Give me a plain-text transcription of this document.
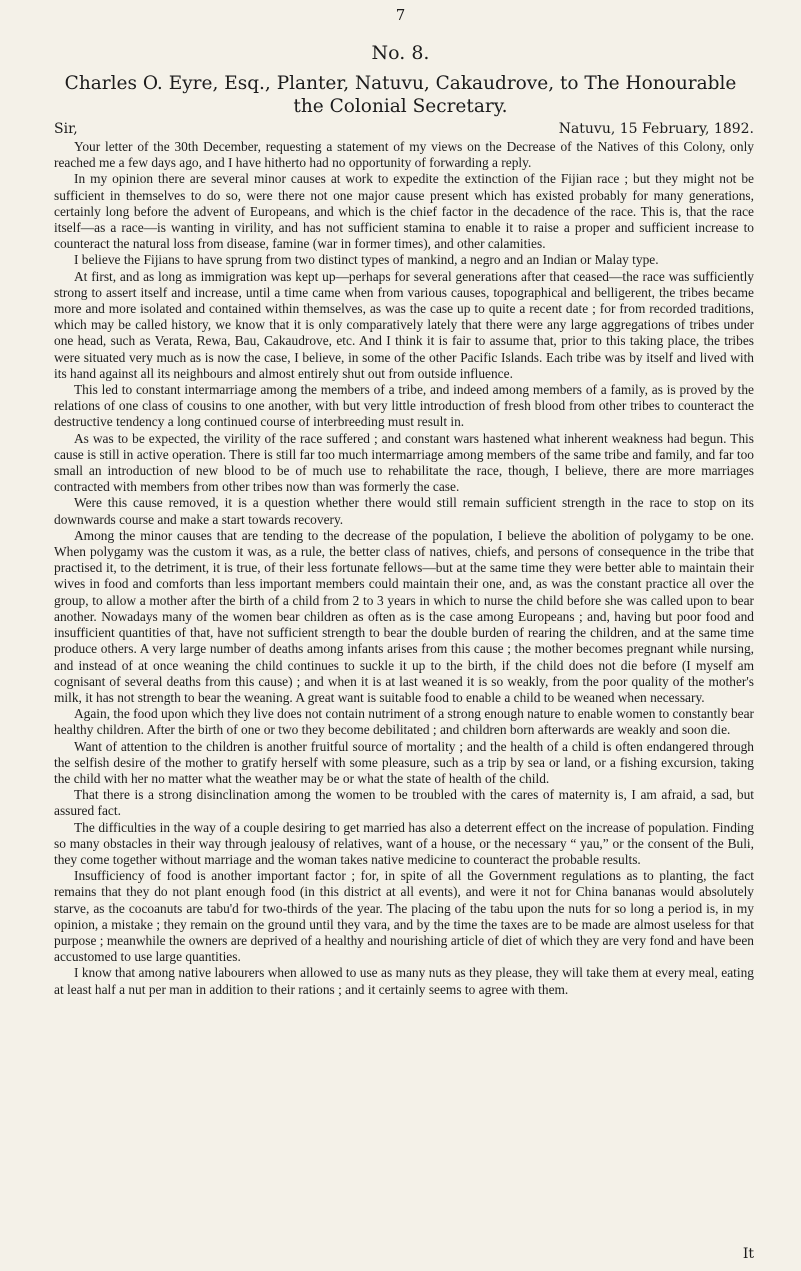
7
No. 8.
Charles O. Eyre, Esq., Planter, Natuvu, Cakaudrove, to The Honourable the Colonial Secretary.
Sir,	Natuvu, 15 February, 1892.

Your letter of the 30th December, requesting a statement of my views on the Decrease of the Natives of this Colony, only reached me a few days ago, and I have hitherto had no opportunity of forwarding a reply.

In my opinion there are several minor causes at work to expedite the extinction of the Fijian race ; but they might not be sufficient in themselves to do so, were there not one major cause present which has existed probably for many generations, certainly long before the advent of Europeans, and which is the chief factor in the decadence of the race. This is, that the race itself—as a race—is wanting in virility, and has not sufficient stamina to enable it to raise a proper and sufficient increase to counteract the natural loss from disease, famine (war in former times), and other calamities.

I believe the Fijians to have sprung from two distinct types of mankind, a negro and an Indian or Malay type.

At first, and as long as immigration was kept up—perhaps for several generations after that ceased—the race was sufficiently strong to assert itself and increase, until a time came when from various causes, topographical and belligerent, the tribes became more and more isolated and contained within themselves, as was the case up to quite a recent date ; for from recorded traditions, which may be called history, we know that it is only comparatively lately that there were any large aggregations of tribes under one head, such as Verata, Rewa, Bau, Cakaudrove, etc. And I think it is fair to assume that, prior to this taking place, the tribes were situated very much as is now the case, I believe, in some of the other Pacific Islands. Each tribe was by itself and lived with its hand against all its neighbours and almost entirely shut out from outside influence.

This led to constant intermarriage among the members of a tribe, and indeed among members of a family, as is proved by the relations of one class of cousins to one another, with but very little introduction of fresh blood from other tribes to counteract the destructive tendency a long continued course of interbreeding must result in.

As was to be expected, the virility of the race suffered ; and constant wars hastened what inherent weakness had begun. This cause is still in active operation. There is still far too much intermarriage among members of the same tribe and family, and far too small an introduction of new blood to be of much use to rehabilitate the race, though, I believe, there are more marriages contracted with members from other tribes now than was formerly the case.

Were this cause removed, it is a question whether there would still remain sufficient strength in the race to stop on its downwards course and make a start towards recovery.

Among the minor causes that are tending to the decrease of the population, I believe the abolition of polygamy to be one. When polygamy was the custom it was, as a rule, the better class of natives, chiefs, and persons of consequence in the tribe that practised it, to the detriment, it is true, of their less fortunate fellows—but at the same time they were better able to maintain their wives in food and comforts than less important members could maintain their one, and, as was the constant practice all over the group, to allow a mother after the birth of a child from 2 to 3 years in which to nurse the child before she was called upon to bear another. Nowadays many of the women bear children as often as is the case among Europeans ; and, having but poor food and insufficient quantities of that, have not sufficient strength to bear the double burden of rearing the children, and at the same time produce others. A very large number of deaths among infants arises from this cause ; the mother becomes pregnant while nursing, and instead of at once weaning the child continues to suckle it up to the birth, if the child does not die before (I myself am cognisant of several deaths from this cause) ; and when it is at last weaned it is so weakly, from the poor quality of the mother's milk, it has not strength to bear the weaning. A great want is suitable food to enable a child to be weaned when necessary.

Again, the food upon which they live does not contain nutriment of a strong enough nature to enable women to constantly bear healthy children. After the birth of one or two they become debilitated ; and children born afterwards are weakly and soon die.

Want of attention to the children is another fruitful source of mortality ; and the health of a child is often endangered through the selfish desire of the mother to gratify herself with some pleasure, such as a trip by sea or land, or a fishing excursion, taking the child with her no matter what the weather may be or what the state of health of the child.

That there is a strong disinclination among the women to be troubled with the cares of maternity is, I am afraid, a sad, but assured fact.

The difficulties in the way of a couple desiring to get married has also a deterrent effect on the increase of population. Finding so many obstacles in their way through jealousy of relatives, want of a house, or the necessary “ yau,” or the consent of the Buli, they come together without marriage and the woman takes native medicine to counteract the probable results.

Insufficiency of food is another important factor ; for, in spite of all the Government regulations as to planting, the fact remains that they do not plant enough food (in this district at all events), and were it not for China bananas would absolutely starve, as the cocoanuts are tabu'd for two-thirds of the year. The placing of the tabu upon the nuts for so long a period is, in my opinion, a mistake ; they remain on the ground until they vara, and by the time the taxes are to be made are almost useless for that purpose ; meanwhile the owners are deprived of a healthy and nourishing article of diet of which they are very fond and have been accustomed to use large quantities.

I know that among native labourers when allowed to use as many nuts as they please, they will take them at every meal, eating at least half a nut per man in addition to their rations ; and it certainly seems to agree with them.

It
